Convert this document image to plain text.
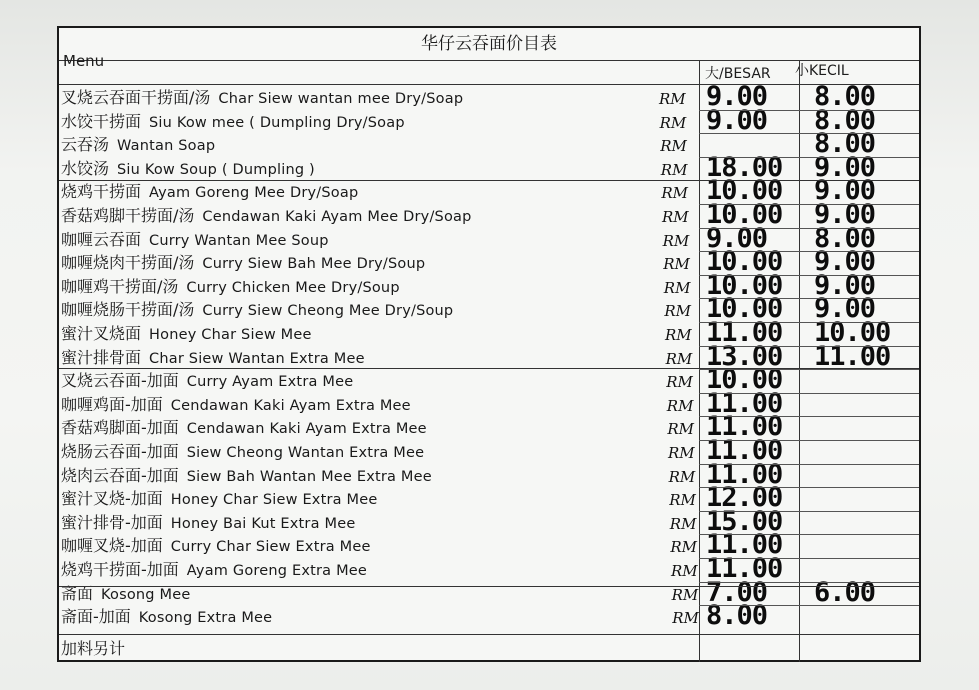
华仔云吞面价目表
Menu
大/BESAR 小KECIL
叉烧云吞面干捞面/汤 Char Siew wantan mee Dry/Soap	RM 9.00 8.00
水饺干捞面 Siu Kow mee ( Dumpling Dry/Soap	RM 9.00 8.00
云吞汤 Wantan Soap	RM	8.00
水饺汤 Siu Kow Soup ( Dumpling )	RM 18.00 9.00
烧鸡干捞面 Ayam Goreng Mee Dry/Soap	RM 10.00 9.00
香菇鸡脚干捞面/汤 Cendawan Kaki Ayam Mee Dry/Soap	RM 10.00 9.00
咖喱云吞面 Curry Wantan Mee Soup	RM 9.00 8.00
咖喱烧肉干捞面/汤 Curry Siew Bah Mee Dry/Soup	RM 10.00 9.00
咖喱鸡干捞面/汤 Curry Chicken Mee Dry/Soup	RM 10.00 9.00
咖喱烧肠干捞面/汤 Curry Siew Cheong Mee Dry/Soup	RM 10.00 9.00
蜜汁叉烧面 Honey Char Siew Mee	RM 11.00 10.00
蜜汁排骨面 Char Siew Wantan Extra Mee	RM 13.00 11.00
叉烧云吞面-加面 Curry Ayam Extra Mee	RM 10.00
咖喱鸡面-加面 Cendawan Kaki Ayam Extra Mee	RM 11.00
香菇鸡脚面-加面 Cendawan Kaki Ayam Extra Mee	RM 11.00
烧肠云吞面-加面 Siew Cheong Wantan Extra Mee	RM 11.00
烧肉云吞面-加面 Siew Bah Wantan Mee Extra Mee	RM 11.00
蜜汁叉烧-加面 Honey Char Siew Extra Mee	RM 12.00
蜜汁排骨-加面 Honey Bai Kut Extra Mee	RM 15.00
咖喱叉烧-加面 Curry Char Siew Extra Mee	RM 11.00
烧鸡干捞面-加面 Ayam Goreng Extra Mee	RM 11.00
斋面 Kosong Mee	RM 7.00 6.00
斋面-加面 Kosong Extra Mee	RM 8.00
加料另计
